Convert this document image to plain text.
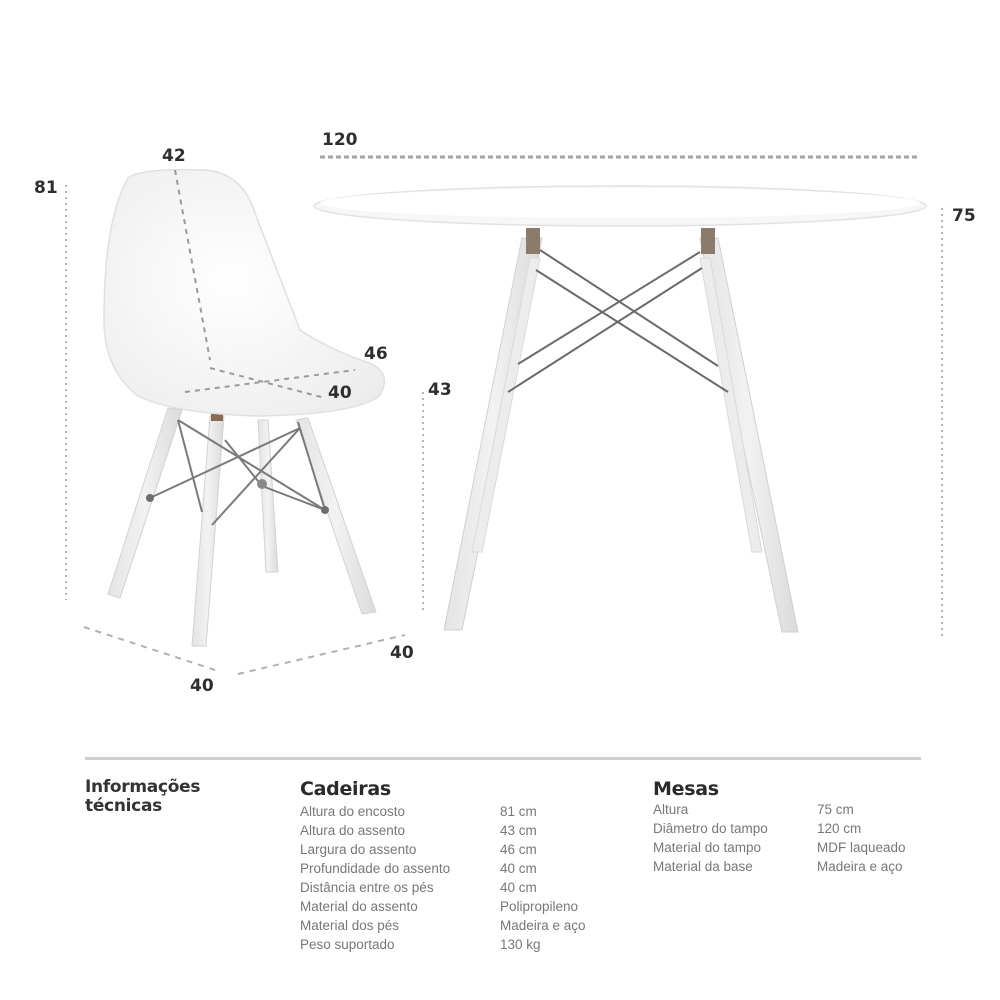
81
42
46
40	43
40
40
120
75
Informações
técnicas
Cadeiras
Altura do encosto	81 cm
Altura do assento	43 cm
Largura do assento	46 cm
Profundidade do assento	40 cm
Distância entre os pés	40 cm
Material do assento	Polipropileno
Material dos pés	Madeira e aço
Peso suportado	130 kg
Mesas
Altura	75 cm
Diâmetro do tampo	120 cm
Material do tampo	MDF laqueado
Material da base	Madeira e aço
